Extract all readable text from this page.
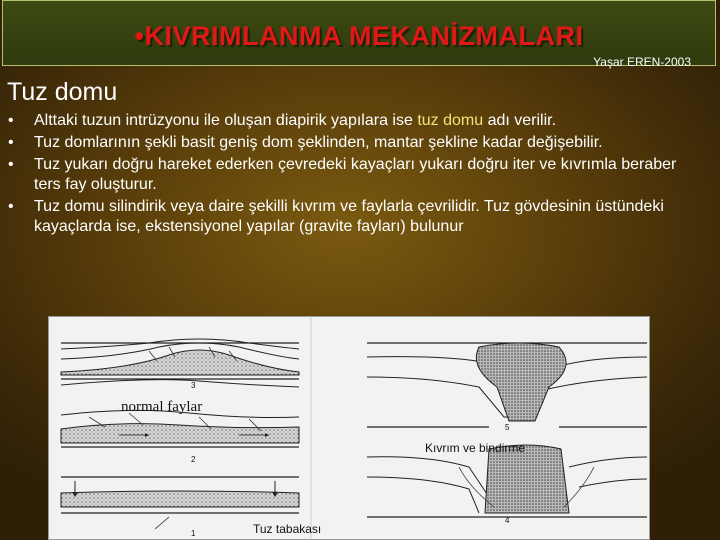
•KIVRIMLANMA MEKANİZMALARI
Yaşar EREN-2003
Tuz domu
• Alttaki tuzun intrüzyonu ile oluşan diapirik yapılara ise tuz domu adı verilir.
• Tuz domlarının şekli basit geniş dom şeklinden, mantar şekline kadar değişebilir.
• Tuz yukarı doğru hareket ederken çevredeki kayaçları yukarı doğru iter ve kıvrımla beraber ters fay oluşturur.
• Tuz domu silindirik veya daire şekilli kıvrım ve faylarla çevrilidir. Tuz gövdesinin üstündeki kayaçlarda ise, ekstensiyonel yapılar (gravite fayları) bulunur
normal faylar
Kıvrım ve bindirme
Tuz tabakası
1
2
3
4
5
